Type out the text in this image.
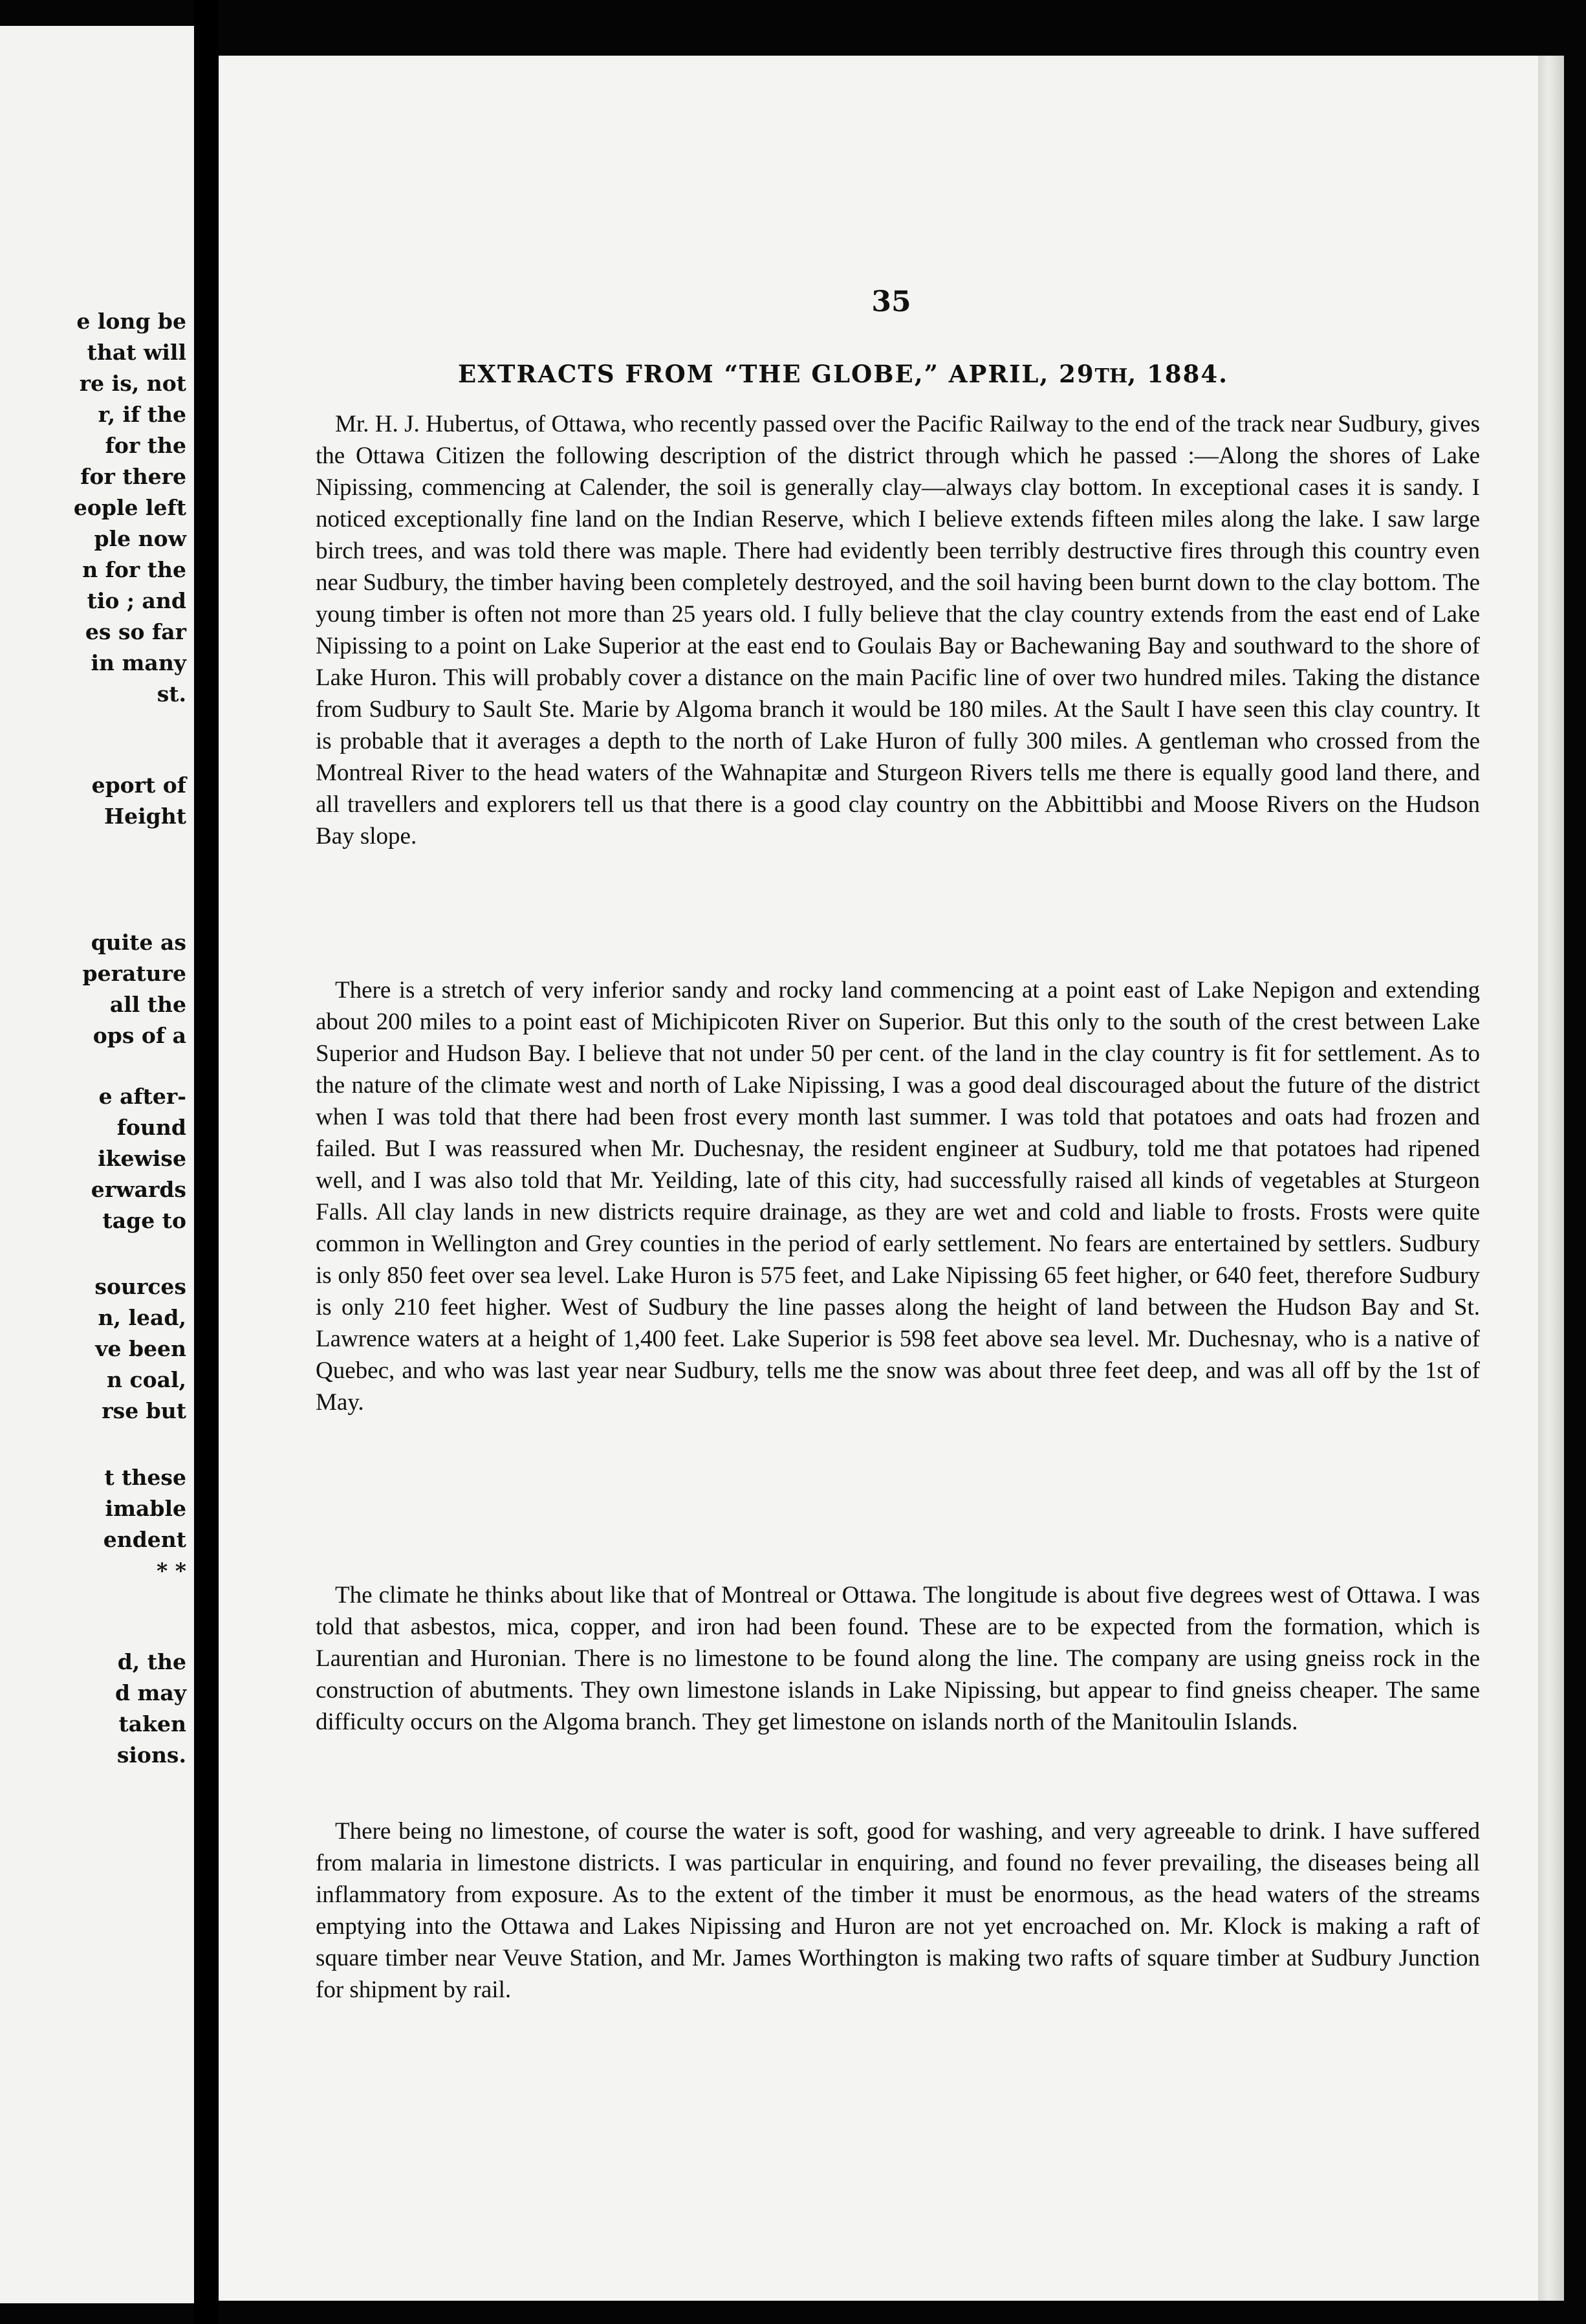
e long be
that will
re is, not
r, if the
for the
for there
eople left
ple now
n for the
tio ; and
es so far
in many
st.
eport of
Height
quite as
perature
all the
ops of a
e after-
found
ikewise
erwards
tage to
sources
n, lead,
ve been
n coal,
rse but
t these
imable
endent
* *
d, the
d may
taken
sions.
35
EXTRACTS FROM “THE GLOBE,” APRIL, 29TH, 1884.

Mr. H. J. Hubertus, of Ottawa, who recently passed over the Pacific Railway to the end of the track near Sudbury, gives the Ottawa Citizen the following description of the district through which he passed :—Along the shores of Lake Nipissing, commencing at Calender, the soil is generally clay—always clay bottom. In exceptional cases it is sandy. I noticed exceptionally fine land on the Indian Reserve, which I believe extends fifteen miles along the lake. I saw large birch trees, and was told there was maple. There had evidently been terribly destructive fires through this country even near Sudbury, the timber having been completely destroyed, and the soil having been burnt down to the clay bottom. The young timber is often not more than 25 years old. I fully believe that the clay country extends from the east end of Lake Nipissing to a point on Lake Superior at the east end to Goulais Bay or Bachewaning Bay and southward to the shore of Lake Huron. This will probably cover a distance on the main Pacific line of over two hundred miles. Taking the distance from Sudbury to Sault Ste. Marie by Algoma branch it would be 180 miles. At the Sault I have seen this clay country. It is probable that it averages a depth to the north of Lake Huron of fully 300 miles. A gentleman who crossed from the Montreal River to the head waters of the Wahnapitæ and Sturgeon Rivers tells me there is equally good land there, and all travellers and explorers tell us that there is a good clay country on the Abbittibbi and Moose Rivers on the Hudson Bay slope.

There is a stretch of very inferior sandy and rocky land commencing at a point east of Lake Nepigon and extending about 200 miles to a point east of Michipicoten River on Superior. But this only to the south of the crest between Lake Superior and Hudson Bay. I believe that not under 50 per cent. of the land in the clay country is fit for settlement. As to the nature of the climate west and north of Lake Nipissing, I was a good deal discouraged about the future of the district when I was told that there had been frost every month last summer. I was told that potatoes and oats had frozen and failed. But I was reassured when Mr. Duchesnay, the resident engineer at Sudbury, told me that potatoes had ripened well, and I was also told that Mr. Yeilding, late of this city, had successfully raised all kinds of vegetables at Sturgeon Falls. All clay lands in new districts require drainage, as they are wet and cold and liable to frosts. Frosts were quite common in Wellington and Grey counties in the period of early settlement. No fears are entertained by settlers. Sudbury is only 850 feet over sea level. Lake Huron is 575 feet, and Lake Nipissing 65 feet higher, or 640 feet, therefore Sudbury is only 210 feet higher. West of Sudbury the line passes along the height of land between the Hudson Bay and St. Lawrence waters at a height of 1,400 feet. Lake Superior is 598 feet above sea level. Mr. Duchesnay, who is a native of Quebec, and who was last year near Sudbury, tells me the snow was about three feet deep, and was all off by the 1st of May.

The climate he thinks about like that of Montreal or Ottawa. The longitude is about five degrees west of Ottawa. I was told that asbestos, mica, copper, and iron had been found. These are to be expected from the formation, which is Laurentian and Huronian. There is no limestone to be found along the line. The company are using gneiss rock in the construction of abutments. They own limestone islands in Lake Nipissing, but appear to find gneiss cheaper. The same difficulty occurs on the Algoma branch. They get limestone on islands north of the Manitoulin Islands.

There being no limestone, of course the water is soft, good for washing, and very agreeable to drink. I have suffered from malaria in limestone districts. I was particular in enquiring, and found no fever prevailing, the diseases being all inflammatory from exposure. As to the extent of the timber it must be enormous, as the head waters of the streams emptying into the Ottawa and Lakes Nipissing and Huron are not yet encroached on. Mr. Klock is making a raft of square timber near Veuve Station, and Mr. James Worthington is making two rafts of square timber at Sudbury Junction for shipment by rail.
